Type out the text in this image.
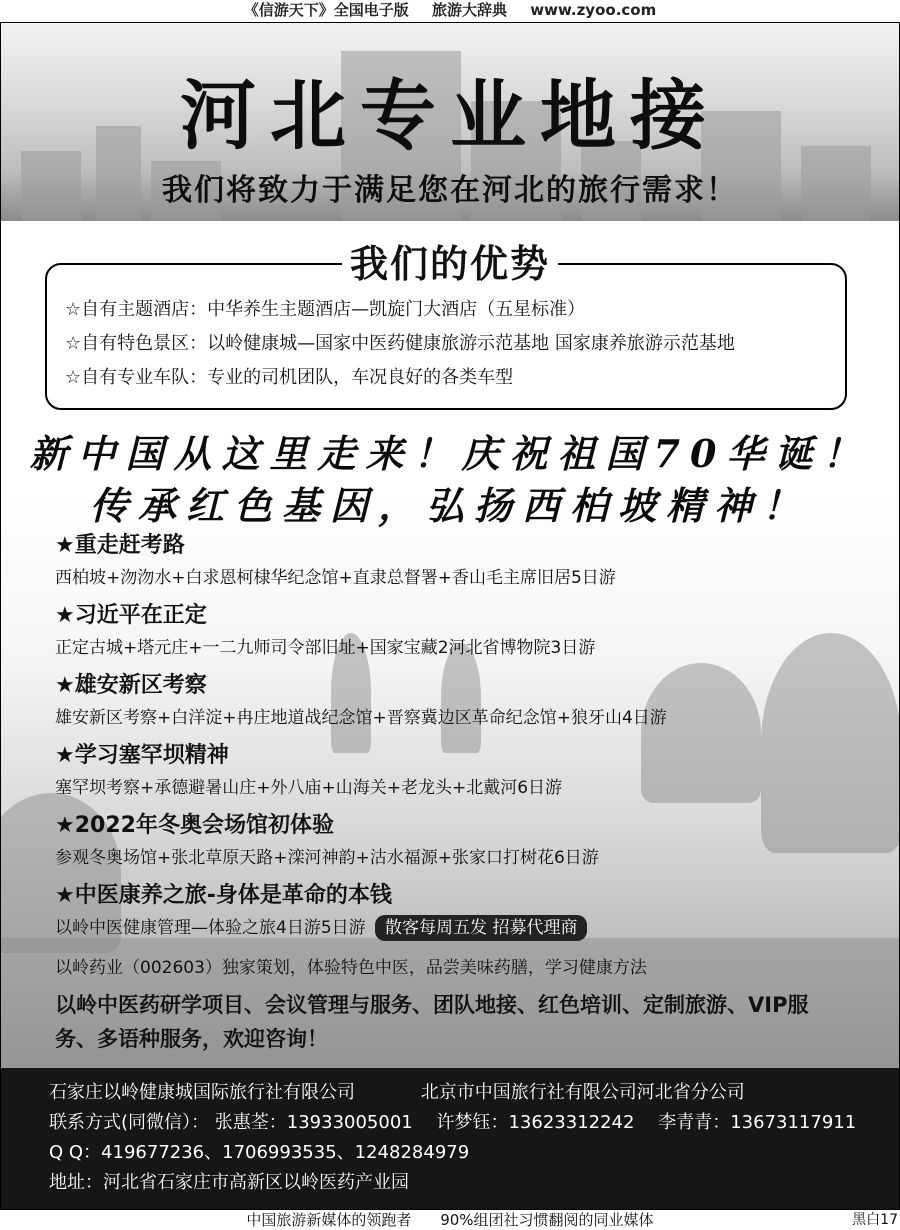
《信游天下》全国电子版 旅游大辞典 www.zyoo.com
河北专业地接
我们将致力于满足您在河北的旅行需求！
我们的优势
☆自有主题酒店：中华养生主题酒店—凯旋门大酒店（五星标准）
☆自有特色景区：以岭健康城—国家中医药健康旅游示范基地 国家康养旅游示范基地
☆自有专业车队：专业的司机团队，车况良好的各类车型
新中国从这里走来！庆祝祖国70华诞！
传承红色基因，弘扬西柏坡精神！
★重走赶考路
西柏坡+沕沕水+白求恩柯棣华纪念馆+直隶总督署+香山毛主席旧居5日游
★习近平在正定
正定古城+塔元庄+一二九师司令部旧址+国家宝藏2河北省博物院3日游
★雄安新区考察
雄安新区考察+白洋淀+冉庄地道战纪念馆+晋察冀边区革命纪念馆+狼牙山4日游
★学习塞罕坝精神
塞罕坝考察+承德避暑山庄+外八庙+山海关+老龙头+北戴河6日游
★2022年冬奥会场馆初体验
参观冬奥场馆+张北草原天路+滦河神韵+沽水福源+张家口打树花6日游
★中医康养之旅-身体是革命的本钱
以岭中医健康管理—体验之旅4日游5日游 散客每周五发 招募代理商
以岭药业（002603）独家策划，体验特色中医，品尝美味药膳，学习健康方法
以岭中医药研学项目、会议管理与服务、团队地接、红色培训、定制旅游、VIP服务、多语种服务，欢迎咨询！
石家庄以岭健康城国际旅行社有限公司	北京市中国旅行社有限公司河北省分公司
联系方式(同微信）： 张惠荃：13933005001 许梦钰：13623312242 李青青：13673117911
Q Q：419677236、1706993535、1248284979
地址：河北省石家庄市高新区以岭医药产业园
中国旅游新媒体的领跑者 90%组团社习惯翻阅的同业媒体	黑白17
